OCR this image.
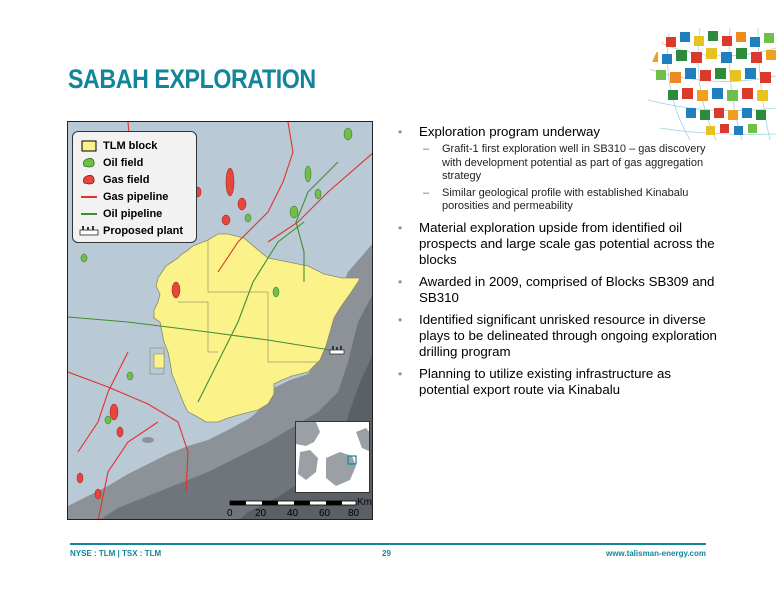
SABAH EXPLORATION
TLM block
Oil field
Gas field
Gas pipeline
Oil pipeline
Proposed plant
0 20 40 60 80
Km
•	Exploration program underway
–	Grafit-1 first exploration well in SB310 – gas discovery with development potential as part of gas aggregation strategy
–	Similar geological profile with established Kinabalu porosities and permeability
•	Material exploration upside from identified oil prospects and large scale gas potential across the blocks
•	Awarded in 2009, comprised of Blocks SB309 and SB310
•	Identified significant unrisked resource in diverse plays to be delineated through ongoing exploration drilling program
•	Planning to utilize existing infrastructure as potential export route via Kinabalu
NYSE : TLM | TSX : TLM	29	www.talisman-energy.com
